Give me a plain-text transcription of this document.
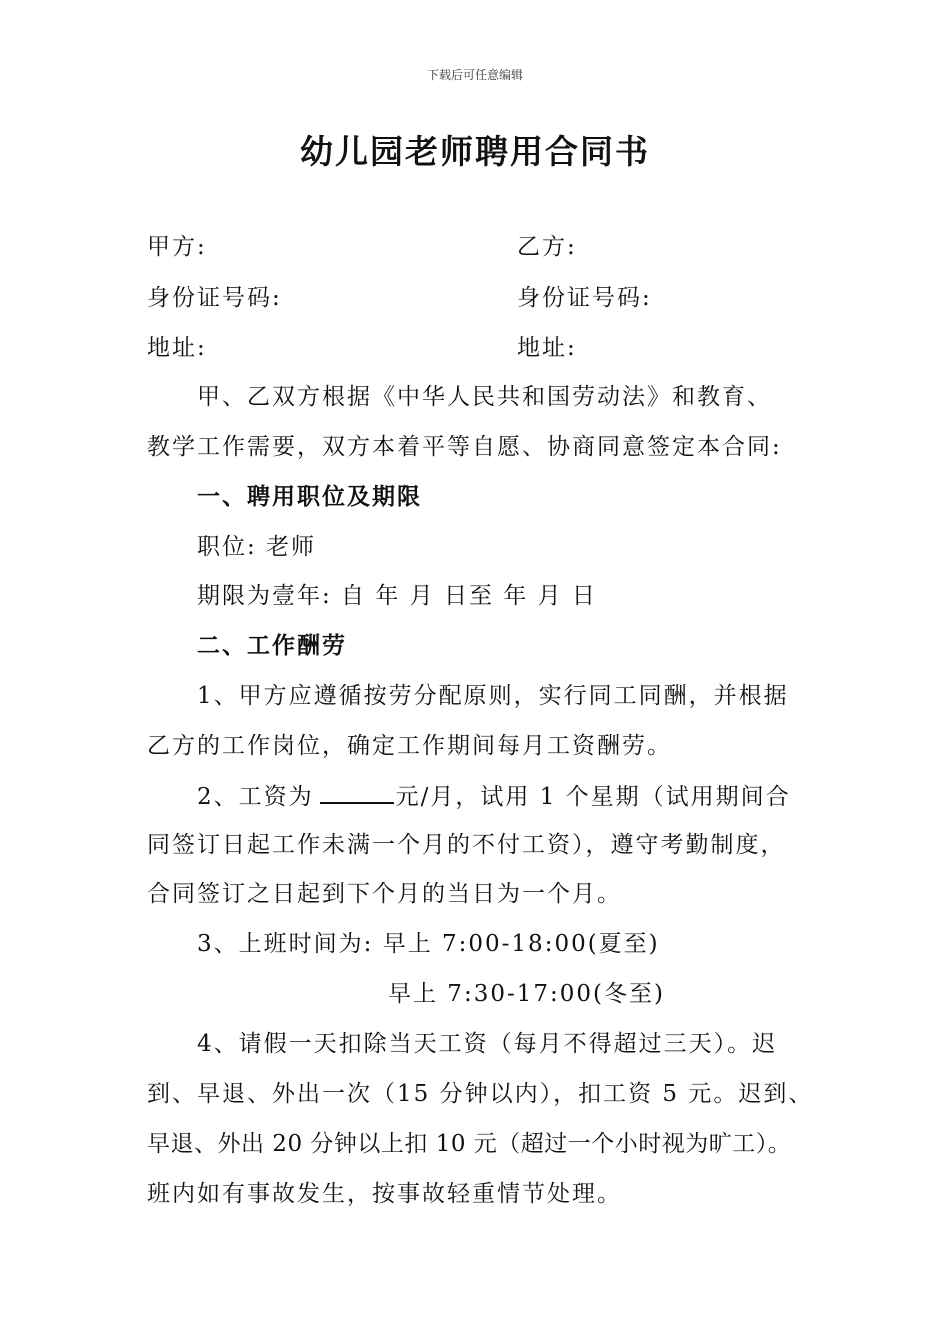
下载后可任意编辑
幼儿园老师聘用合同书
甲方:	乙方:
身份证号码:	身份证号码:
地址:	地址:
甲、乙双方根据《中华人民共和国劳动法》和教育、
教学工作需要，双方本着平等自愿、协商同意签定本合同:
一、聘用职位及期限
职位: 老师
期限为壹年: 自 年 月 日至 年 月 日
二、工作酬劳
1、甲方应遵循按劳分配原则，实行同工同酬，并根据
乙方的工作岗位，确定工作期间每月工资酬劳。
2、工资为	元/月，试用 1 个星期（试用期间合
同签订日起工作未满一个月的不付工资），遵守考勤制度，
合同签订之日起到下个月的当日为一个月。
3、上班时间为: 早上 7:00-18:00(夏至)
早上 7:30-17:00(冬至)
4、请假一天扣除当天工资（每月不得超过三天）。迟
到、早退、外出一次（15 分钟以内），扣工资 5 元。迟到、
早退、外出 20 分钟以上扣 10 元（超过一个小时视为旷工）。
班内如有事故发生，按事故轻重情节处理。
